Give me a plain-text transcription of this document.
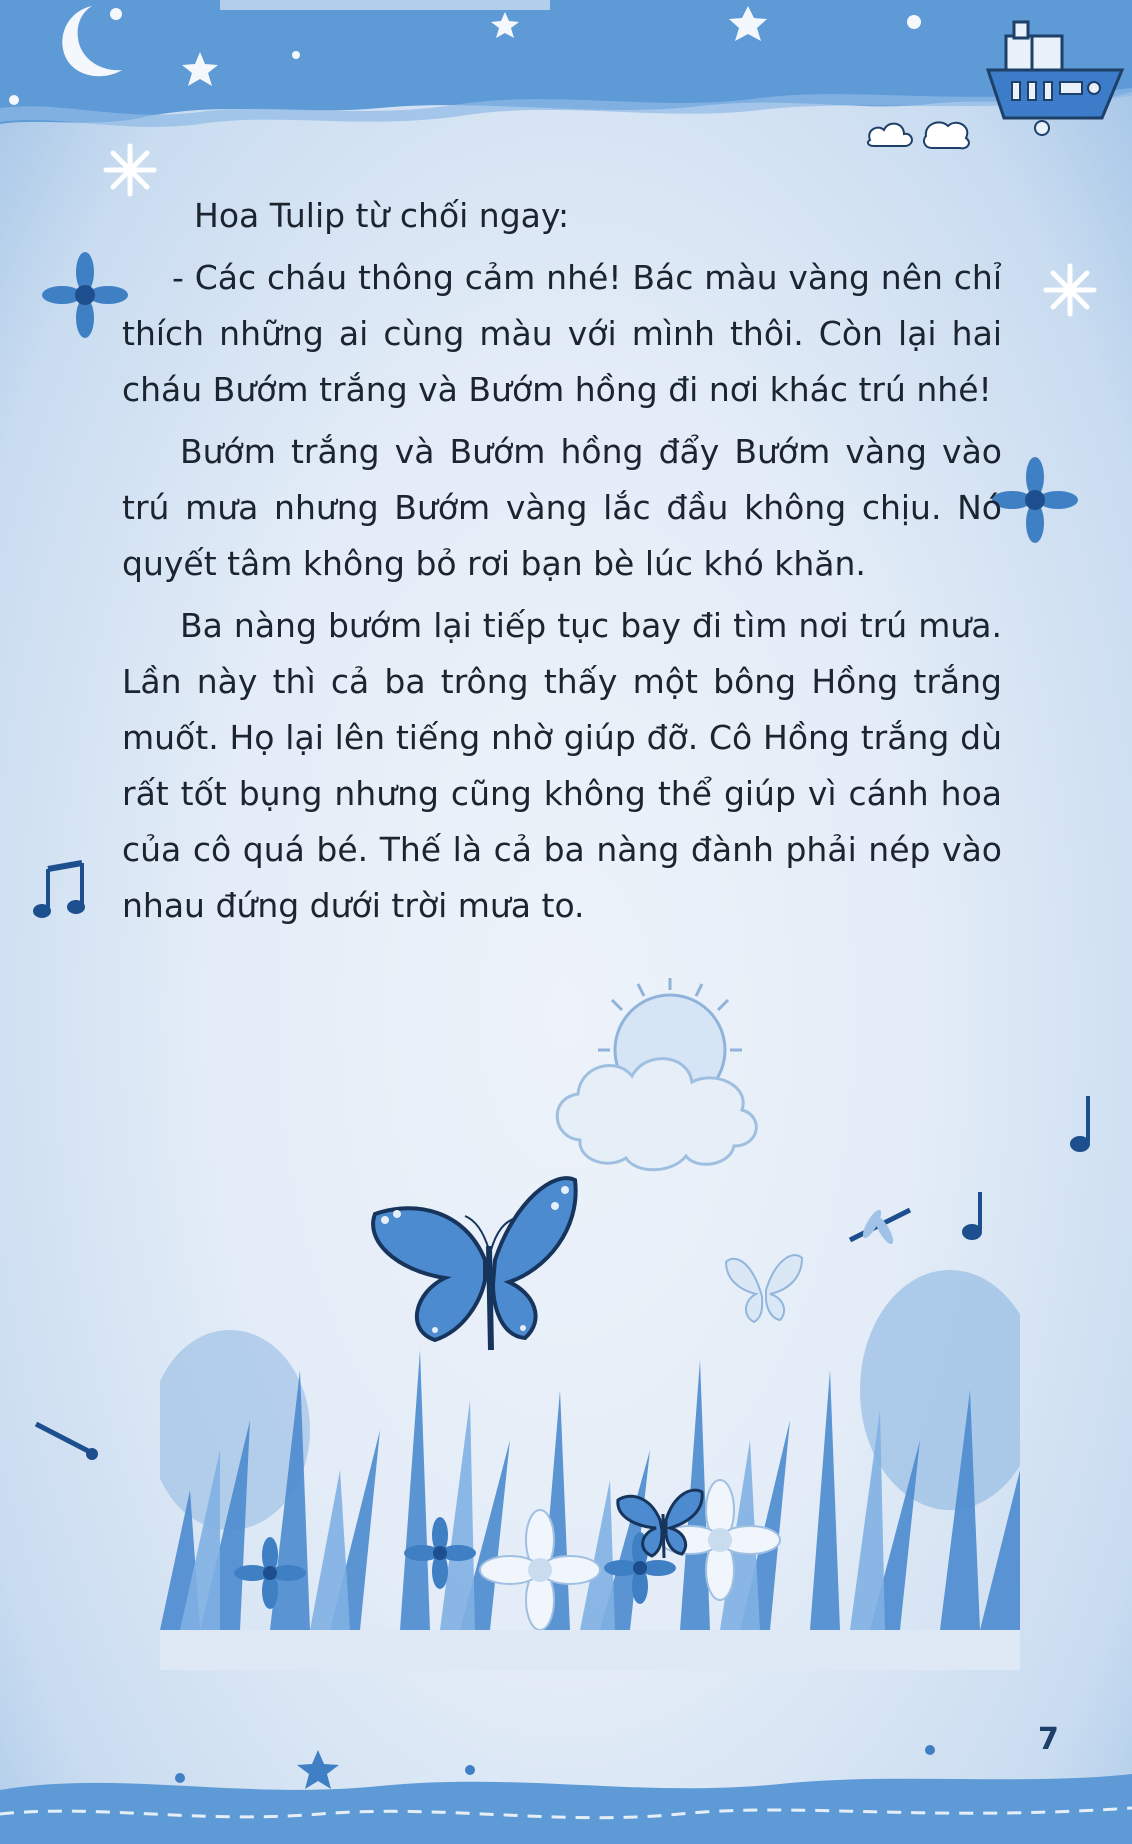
Hoa Tulip từ chối ngay:

- Các cháu thông cảm nhé! Bác màu vàng nên chỉ thích những ai cùng màu với mình thôi. Còn lại hai cháu Bướm trắng và Bướm hồng đi nơi khác trú nhé!

Bướm trắng và Bướm hồng đẩy Bướm vàng vào trú mưa nhưng Bướm vàng lắc đầu không chịu. Nó quyết tâm không bỏ rơi bạn bè lúc khó khăn.

Ba nàng bướm lại tiếp tục bay đi tìm nơi trú mưa. Lần này thì cả ba trông thấy một bông Hồng trắng muốt. Họ lại lên tiếng nhờ giúp đỡ. Cô Hồng trắng dù rất tốt bụng nhưng cũng không thể giúp vì cánh hoa của cô quá bé. Thế là cả ba nàng đành phải nép vào nhau đứng dưới trời mưa to.

7
